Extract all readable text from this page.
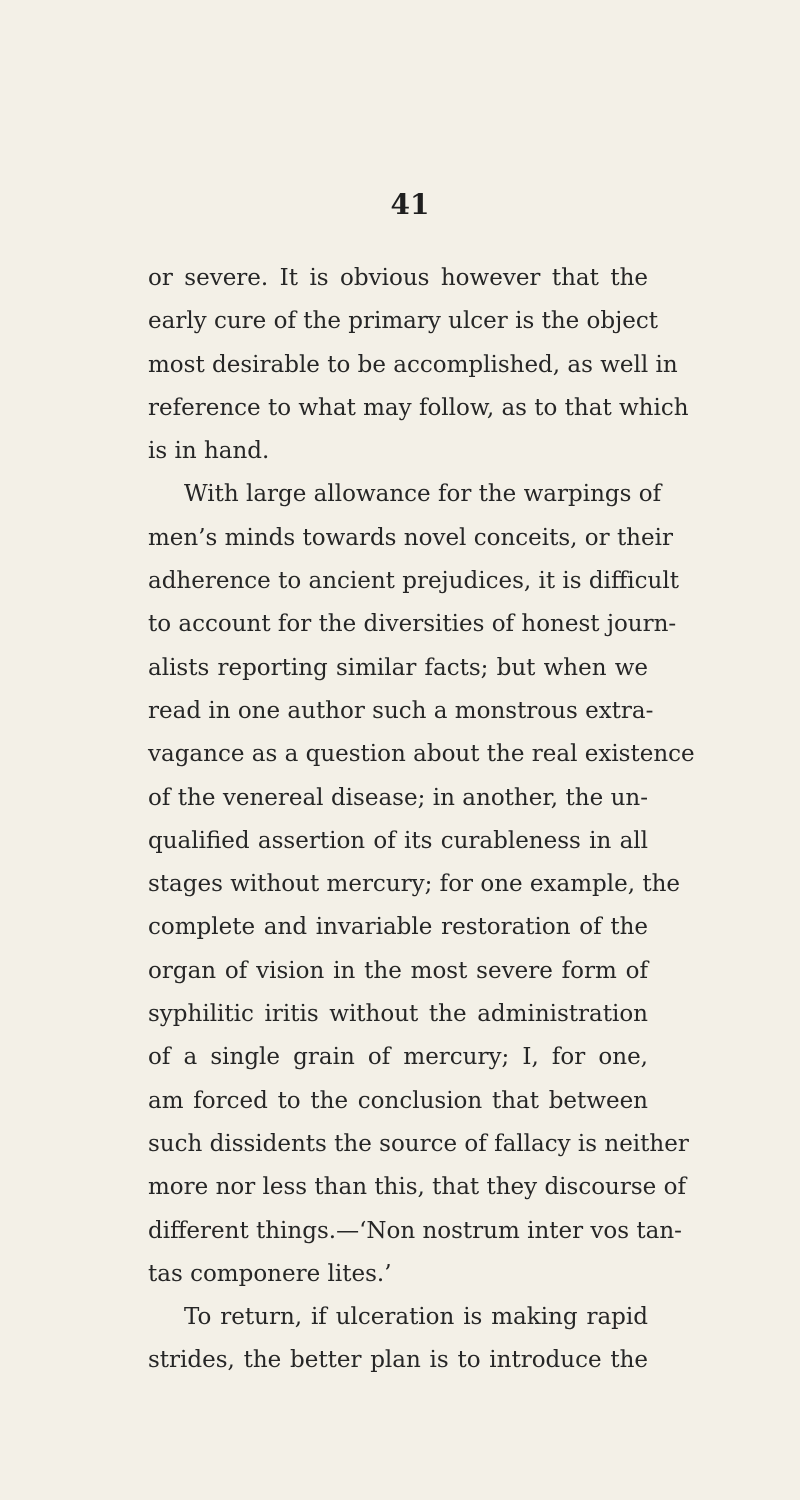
41
or severe. It is obvious however that the
early cure of the primary ulcer is the object
most desirable to be accomplished, as well in
reference to what may follow, as to that which
is in hand.
With large allowance for the warpings of
men’s minds towards novel conceits, or their
adherence to ancient prejudices, it is difficult
to account for the diversities of honest journ-
alists reporting similar facts; but when we
read in one author such a monstrous extra-
vagance as a question about the real existence
of the venereal disease; in another, the un-
qualified assertion of its curableness in all
stages without mercury; for one example, the
complete and invariable restoration of the
organ of vision in the most severe form of
syphilitic iritis without the administration
of a single grain of mercury; I, for one,
am forced to the conclusion that between
such dissidents the source of fallacy is neither
more nor less than this, that they discourse of
different things.—‘Non nostrum inter vos tan-
tas componere lites.’
To return, if ulceration is making rapid
strides, the better plan is to introduce the
